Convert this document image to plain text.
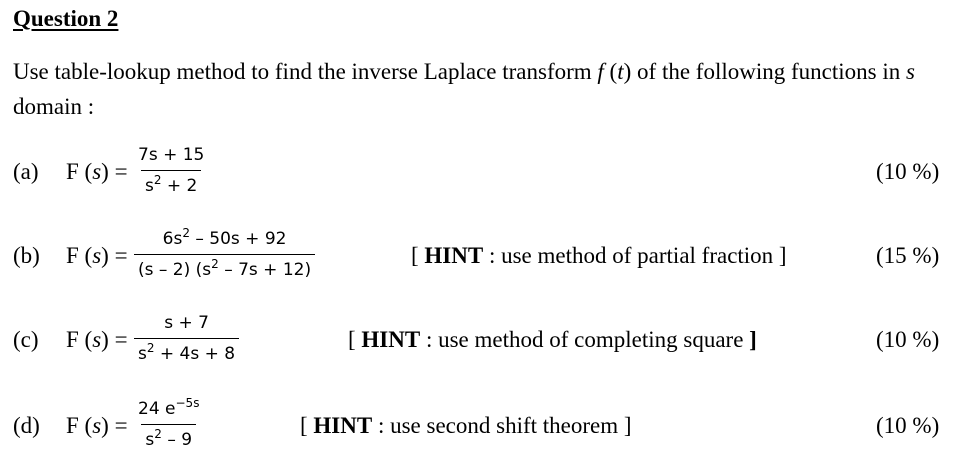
Question 2

Use table-lookup method to find the inverse Laplace transform f (t) of the following functions in s
domain :

(a) F $(s) = \frac{7s + 15}{s^2 + 2}$	(10 %)
(b) F $(s) = \frac{6s^2 - 50s + 92}{(s - 2) (s^2 - 7s + 12)}$	[ HINT : use method of partial fraction ]	(15 %)
(c) F $(s) = \frac{s + 7}{s^2 + 4s + 8}$	[ HINT : use method of completing square ]	(10 %)
(d) F $(s) = \frac{24 e^{-5s}}{s^2 - 9}$	[ HINT : use second shift theorem ]	(10 %)
